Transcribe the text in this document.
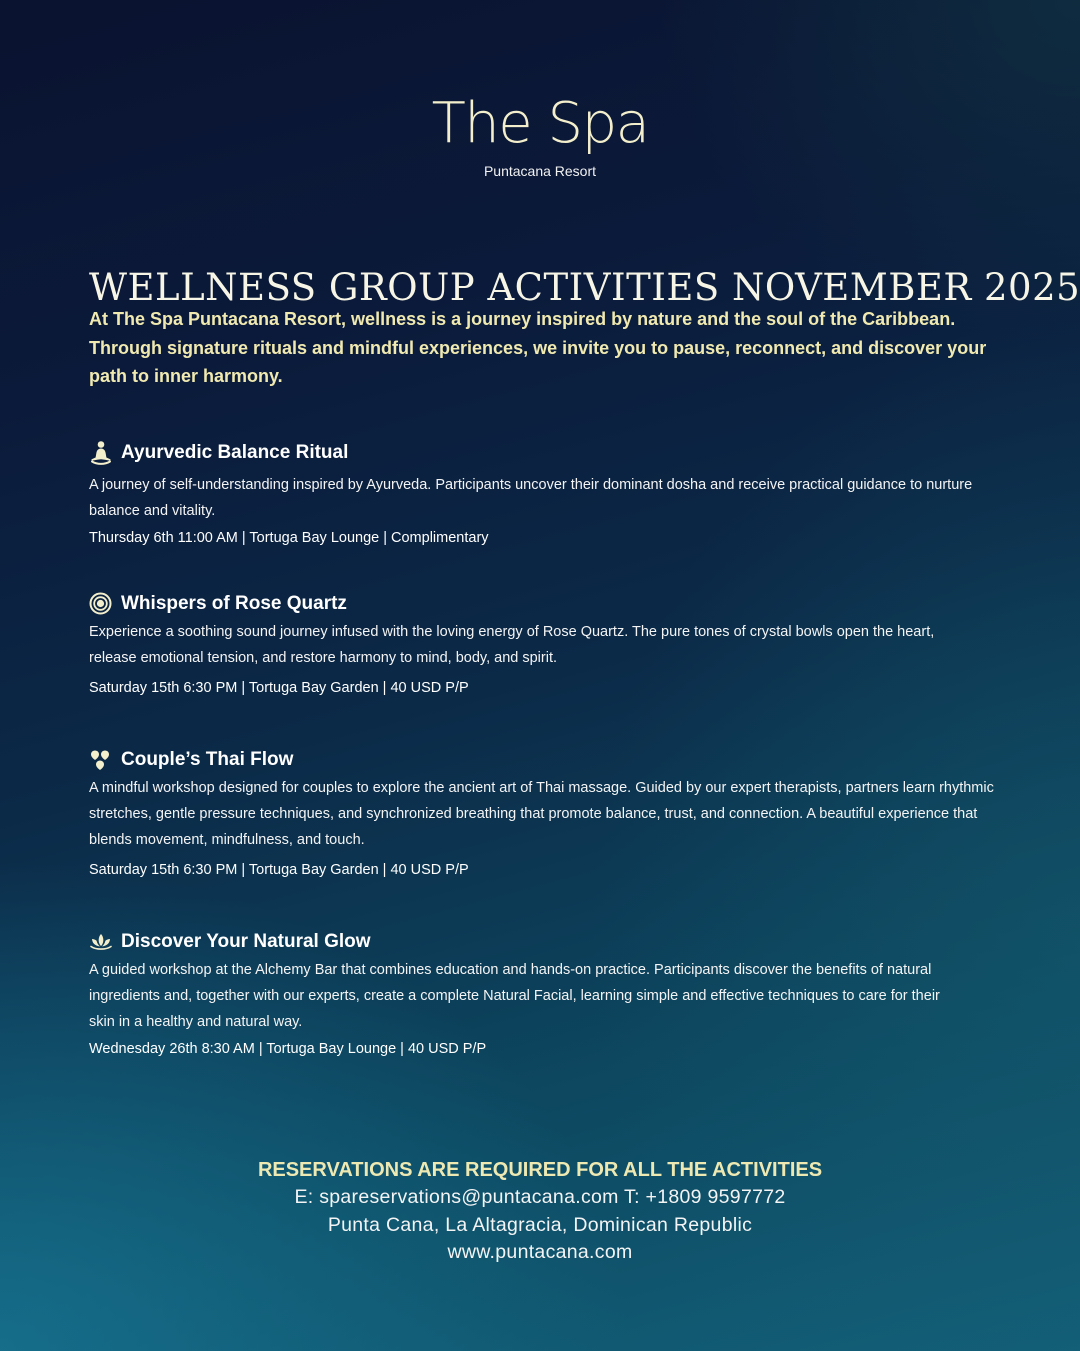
The Spa
Puntacana Resort
WELLNESS GROUP ACTIVITIES NOVEMBER 2025

At The Spa Puntacana Resort, wellness is a journey inspired by nature and the soul of the Caribbean. Through signature rituals and mindful experiences, we invite you to pause, reconnect, and discover your path to inner harmony.

Ayurvedic Balance Ritual
A journey of self-understanding inspired by Ayurveda. Participants uncover their dominant dosha and receive practical guidance to nurture balance and vitality.
Thursday 6th 11:00 AM | Tortuga Bay Lounge | Complimentary
Whispers of Rose Quartz
Experience a soothing sound journey infused with the loving energy of Rose Quartz. The pure tones of crystal bowls open the heart, release emotional tension, and restore harmony to mind, body, and spirit.
Saturday 15th 6:30 PM | Tortuga Bay Garden | 40 USD P/P
Couple’s Thai Flow
A mindful workshop designed for couples to explore the ancient art of Thai massage. Guided by our expert therapists, partners learn rhythmic stretches, gentle pressure techniques, and synchronized breathing that promote balance, trust, and connection. A beautiful experience that blends movement, mindfulness, and touch.
Saturday 15th 6:30 PM | Tortuga Bay Garden | 40 USD P/P
Discover Your Natural Glow
A guided workshop at the Alchemy Bar that combines education and hands-on practice. Participants discover the benefits of natural ingredients and, together with our experts, create a complete Natural Facial, learning simple and effective techniques to care for their skin in a healthy and natural way.
Wednesday 26th 8:30 AM | Tortuga Bay Lounge | 40 USD P/P
RESERVATIONS ARE REQUIRED FOR ALL THE ACTIVITIES
E: spareservations@puntacana.com T: +1809 9597772
Punta Cana, La Altagracia, Dominican Republic
www.puntacana.com
